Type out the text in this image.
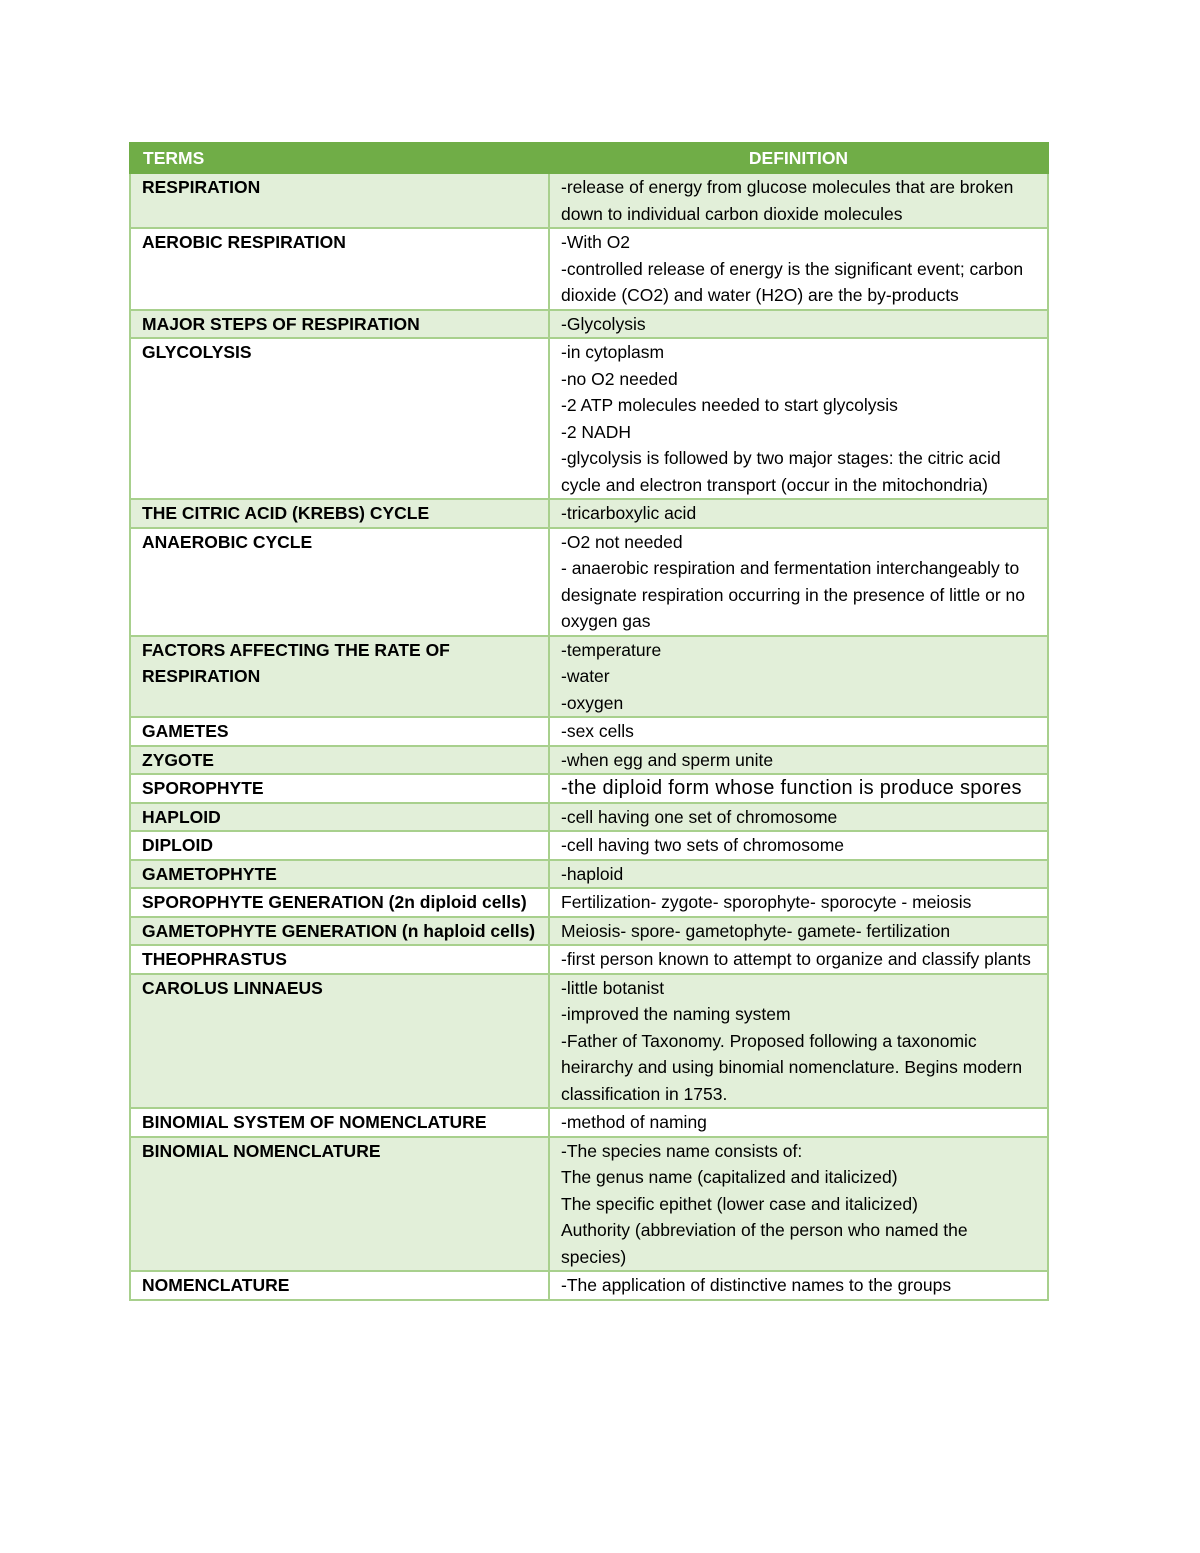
TERMS	DEFINITION
RESPIRATION	-release of energy from glucose molecules that are broken down to individual carbon dioxide molecules

AEROBIC RESPIRATION	-With O2
-controlled release of energy is the significant event; carbon dioxide (CO2) and water (H2O) are the by-products

MAJOR STEPS OF RESPIRATION	-Glycolysis

GLYCOLYSIS	-in cytoplasm
-no O2 needed
-2 ATP molecules needed to start glycolysis
-2 NADH
-glycolysis is followed by two major stages: the citric acid cycle and electron transport (occur in the mitochondria)

THE CITRIC ACID (KREBS) CYCLE	-tricarboxylic acid

ANAEROBIC CYCLE	-O2 not needed
- anaerobic respiration and fermentation interchangeably to designate respiration occurring in the presence of little or no oxygen gas

FACTORS AFFECTING THE RATE OF RESPIRATION	-temperature
-water
-oxygen

GAMETES	-sex cells

ZYGOTE	-when egg and sperm unite

SPOROPHYTE	-the diploid form whose function is produce spores

HAPLOID	-cell having one set of chromosome

DIPLOID	-cell having two sets of chromosome

GAMETOPHYTE	-haploid

SPOROPHYTE GENERATION (2n diploid cells)	Fertilization- zygote- sporophyte- sporocyte - meiosis

GAMETOPHYTE GENERATION (n haploid cells)	Meiosis- spore- gametophyte- gamete- fertilization

THEOPHRASTUS	-first person known to attempt to organize and classify plants

CAROLUS LINNAEUS	-little botanist
-improved the naming system
-Father of Taxonomy. Proposed following a taxonomic heirarchy and using binomial nomenclature. Begins modern classification in 1753.

BINOMIAL SYSTEM OF NOMENCLATURE	-method of naming

BINOMIAL NOMENCLATURE	-The species name consists of:
The genus name (capitalized and italicized)
The specific epithet (lower case and italicized)
Authority (abbreviation of the person who named the species)

NOMENCLATURE	-The application of distinctive names to the groups
